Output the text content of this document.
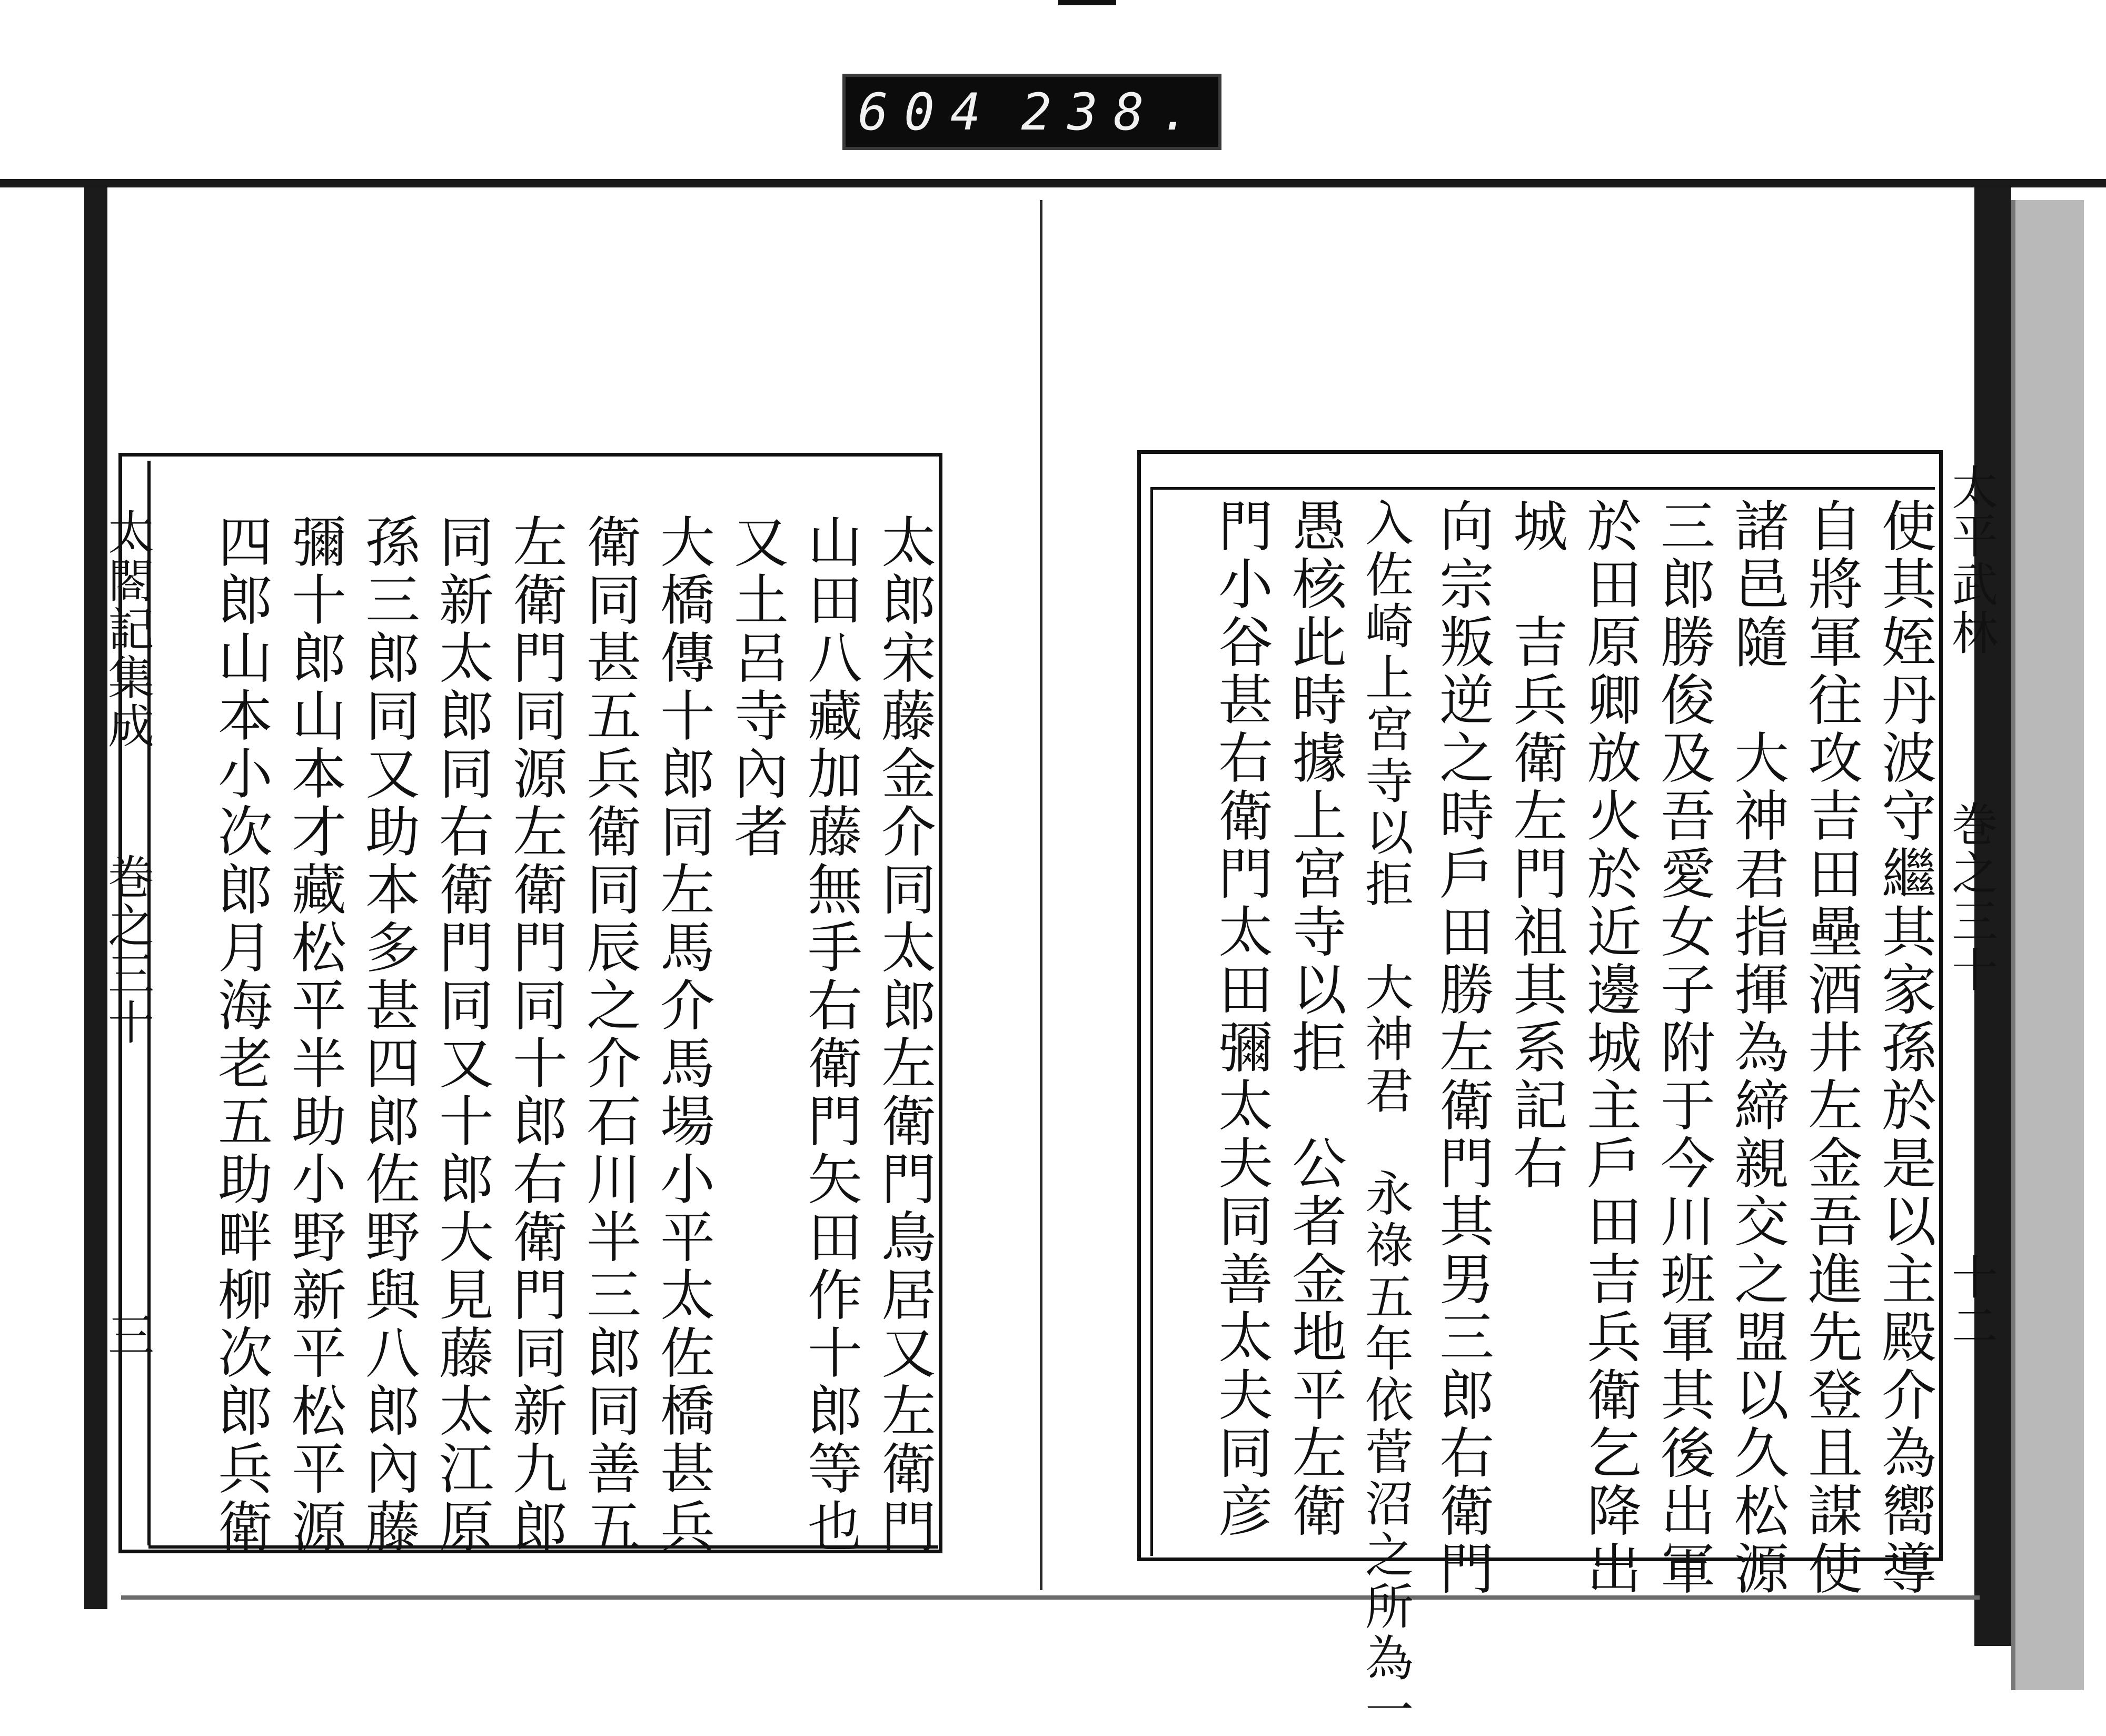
604 238.
太閤記集成
巻之三十
三	太郎宋藤金介同太郎左衛門鳥居又左衛門
山田八藏加藤無手右衛門矢田作十郎等也
又土呂寺內者
大橋傳十郎同左馬介馬場小平太佐橋甚兵
衛同甚五兵衛同辰之介石川半三郎同善五
左衛門同源左衛門同十郎右衛門同新九郎
同新太郎同右衛門同又十郎大見藤太江原
孫三郎同又助本多甚四郎佐野與八郎內藤
彌十郎山本才藏松平半助小野新平松平源
四郎山本小次郎月海老五助畔柳次郎兵衛	太平武林
巻之三十
十二
使其姪丹波守繼其家孫於是以主殿介為嚮導
自將軍往攻吉田壘酒井左金吾進先登且謀使
諸邑隨　大神君指揮為締親交之盟以久松源
三郎勝俊及吾愛女子附于今川班軍其後出軍
於田原卿放火於近邊城主戶田吉兵衛乞降出
城　吉兵衛左門祖其系記右
向宗叛逆之時戶田勝左衛門其男三郎右衛門
入佐崎上宮寺以拒　大神君　永祿五年依菅沼之所為一
愚核此時據上宮寺以拒　公者金地平左衛
門小谷甚右衛門太田彌太夫同善太夫同彦
